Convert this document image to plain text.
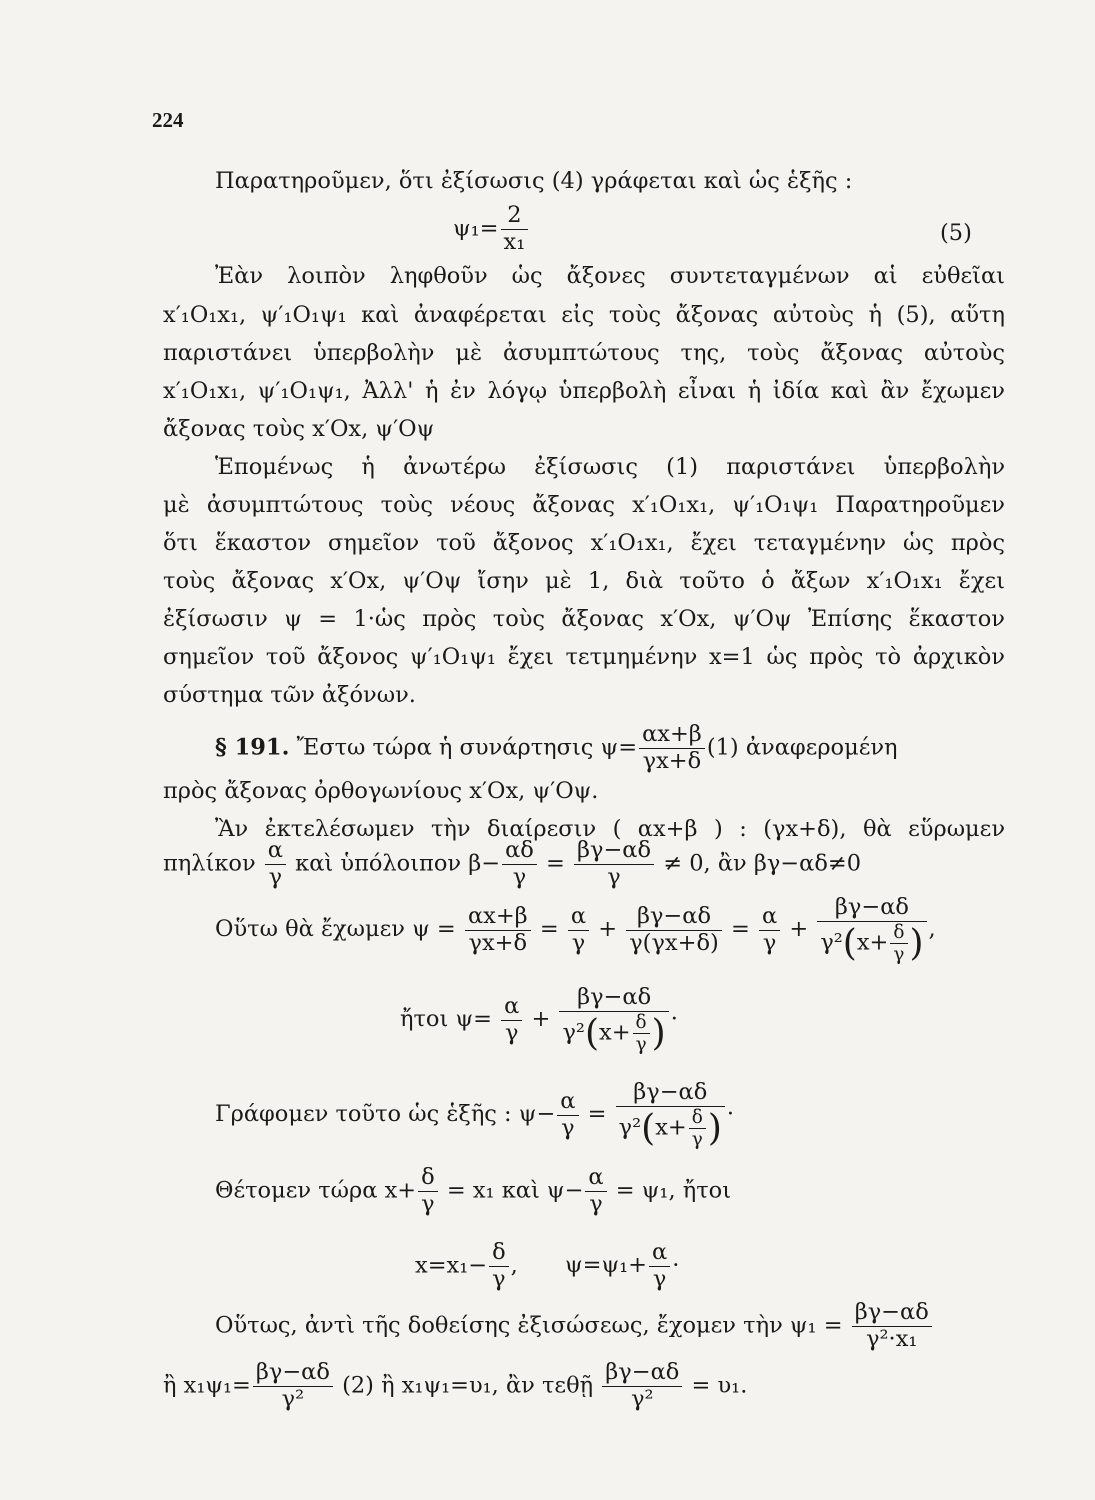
224
Παρατηροῦμεν, ὅτι ἐξίσωσις (4) γράφεται καὶ ὡς ἑξῆς :
$\psi_1= \frac{2}{\text{x₁}}$	(5)
Ἐὰν λοιπὸν ληφθοῦν ὡς ἄξονες συντεταγμένων αἱ εὐθεῖαι
x′₁O₁x₁, ψ′₁O₁ψ₁ καὶ ἀναφέρεται εἰς τοὺς ἄξονας αὐτοὺς ἡ (5), αὕτη
παριστάνει ὑπερβολὴν μὲ ἀσυμπτώτους της, τοὺς ἄξονας αὐτοὺς
x′₁O₁x₁, ψ′₁O₁ψ₁, Ἀλλ' ἡ ἐν λόγῳ ὑπερβολὴ εἶναι ἡ ἰδία καὶ ἂν ἔχωμεν
ἄξονας τοὺς x′Ox, ψ′Oψ
Ἑπομένως ἡ ἀνωτέρω ἐξίσωσις (1) παριστάνει ὑπερβολὴν
μὲ ἀσυμπτώτους τοὺς νέους ἄξονας x′₁O₁x₁, ψ′₁O₁ψ₁ Παρατηροῦμεν
ὅτι ἕκαστον σημεῖον τοῦ ἄξονος x′₁O₁x₁, ἔχει τεταγμένην ὡς πρὸς
τοὺς ἄξονας x′Ox, ψ′Oψ ἴσην μὲ 1, διὰ τοῦτο ὁ ἄξων x′₁O₁x₁ ἔχει
ἐξίσωσιν ψ = 1·ὡς πρὸς τοὺς ἄξονας x′Ox, ψ′Oψ Ἐπίσης ἕκαστον
σημεῖον τοῦ ἄξονος ψ′₁O₁ψ₁ ἔχει τετμημένην x=1 ὡς πρὸς τὸ ἀρχικὸν
σύστημα τῶν ἀξόνων.
§ 191. Ἔστω τώρα ἡ συνάρτησις $\psi= \frac{\alpha x+\beta}{\gamma x+\delta} (1)$ ἀναφερομένη
πρὸς ἄξονας ὀρθογωνίους x′Ox, ψ′Oψ.
Ἂν ἐκτελέσωμεν τὴν διαίρεσιν ( αx+β ) : (γx+δ), θὰ εὕρωμεν
πηλίκον $\frac{\alpha}{\gamma}$ καὶ ὑπόλοιπον $\beta- \frac{\alpha\delta}{\gamma} = \frac{\beta\gamma-\alpha\delta}{\gamma} \ne 0$, ἂν βγ−αδ≠0
Οὕτω θὰ ἔχωμεν $\psi = \frac{\alpha x+\beta}{\gamma x+\delta} = \frac{\alpha}{\gamma} + \frac{\beta\gamma-\alpha\delta}{\gamma(\gamma x+\delta)} = \frac{\alpha}{\gamma} + \frac{\beta\gamma-\alpha\delta}{\gamma^2(x+ \frac{\delta}{\gamma} )}$ ,
ἤτοι $\psi= \frac{\alpha}{\gamma} + \frac{\beta\gamma-\alpha\delta}{\gamma^2(x+ \frac{\delta}{\gamma} )}$ ·
Γράφομεν τοῦτο ὡς ἑξῆς : $\psi- \frac{\alpha}{\gamma} = \frac{\beta\gamma-\alpha\delta}{\gamma^2(x+ \frac{\delta}{\gamma} )}$ ·
Θέτομεν τώρα $x+ \frac{\delta}{\gamma} = x_1$ καὶ $\psi- \frac{\alpha}{\gamma} = \psi_1$, ἤτοι
$x=x_1- \frac{\delta}{\gamma}$ , $\psi=\psi_1+ \frac{\alpha}{\gamma}$ ·
Οὕτως, ἀντὶ τῆς δοθείσης ἐξισώσεως, ἔχομεν τὴν $\psi_1 = \frac{\beta\gamma-\alpha\delta}{\text{γ²·x₁}}$
ἢ $x_1\psi_1= \frac{\beta\gamma-\alpha\delta}{\text{γ²}} (2)$ ἢ x₁ψ₁=υ₁, ἂν τεθῇ $\frac{\beta\gamma-\alpha\delta}{\text{γ²}} = \upsilon_1$.
